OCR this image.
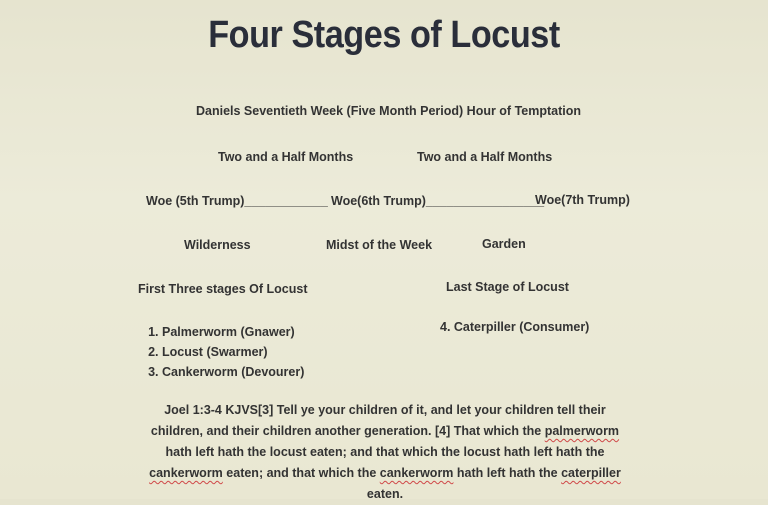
Four Stages of Locust
Daniels Seventieth Week (Five Month Period) Hour of Temptation
Two and a Half Months	Two and a Half Months
Woe (5th Trump)____________ Woe(6th Trump)_________________
Woe(7th Trump)
Wilderness	Midst of the Week	Garden
First Three stages Of Locust	Last Stage of Locust
1. Palmerworm (Gnawer)
2. Locust (Swarmer)
3. Cankerworm (Devourer)
4. Caterpiller (Consumer)
Joel 1:3-4 KJVS[3] Tell ye your children of it, and let your children tell their children, and their children another generation. [4] That which the palmerworm hath left hath the locust eaten; and that which the locust hath left hath the cankerworm eaten; and that which the cankerworm hath left hath the caterpiller eaten.
